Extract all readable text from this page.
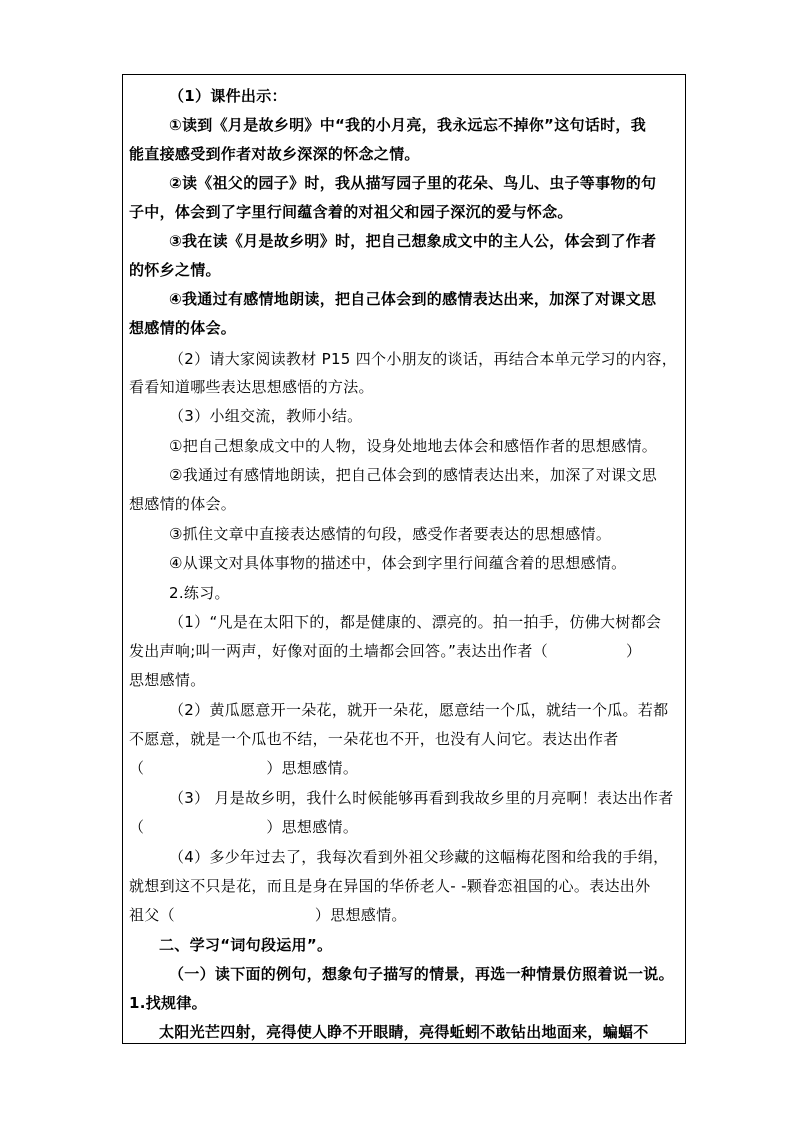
（1）课件出示：
①读到《月是故乡明》中“我的小月亮，我永远忘不掉你”这句话时，我
能直接感受到作者对故乡深深的怀念之情。
②读《祖父的园子》时，我从描写园子里的花朵、鸟儿、虫子等事物的句
子中，体会到了字里行间蕴含着的对祖父和园子深沉的爱与怀念。
③我在读《月是故乡明》时，把自己想象成文中的主人公，体会到了作者
的怀乡之情。
④我通过有感情地朗读，把自己体会到的感情表达出来，加深了对课文思
想感情的体会。
（2）请大家阅读教材 P15 四个小朋友的谈话，再结合本单元学习的内容，
看看知道哪些表达思想感悟的方法。
（3）小组交流，教师小结。
①把自己想象成文中的人物，设身处地地去体会和感悟作者的思想感情。
②我通过有感情地朗读，把自己体会到的感情表达出来，加深了对课文思
想感情的体会。
③抓住文章中直接表达感情的句段，感受作者要表达的思想感情。
④从课文对具体事物的描述中，体会到字里行间蕴含着的思想感情。
2.练习。
（1）“凡是在太阳下的，都是健康的、漂亮的。拍一拍手，仿佛大树都会
发出声响;叫一两声，好像对面的土墙都会回答。”表达出作者（	）
思想感情。
（2）黄瓜愿意开一朵花，就开一朵花，愿意结一个瓜，就结一个瓜。若都
不愿意，就是一个瓜也不结，一朵花也不开，也没有人问它。表达出作者
（	）思想感情。
（3） 月是故乡明，我什么时候能够再看到我故乡里的月亮啊！表达出作者
（	）思想感情。
（4）多少年过去了，我每次看到外祖父珍藏的这幅梅花图和给我的手绢，
就想到这不只是花，而且是身在异国的华侨老人- -颗眷恋祖国的心。表达出外
祖父（	）思想感情。
二、学习“词句段运用”。
（一）读下面的例句，想象句子描写的情景，再选一种情景仿照着说一说。
1.找规律。
太阳光芒四射，亮得使人睁不开眼睛，亮得蚯蚓不敢钻出地面来，蝙蝠不
